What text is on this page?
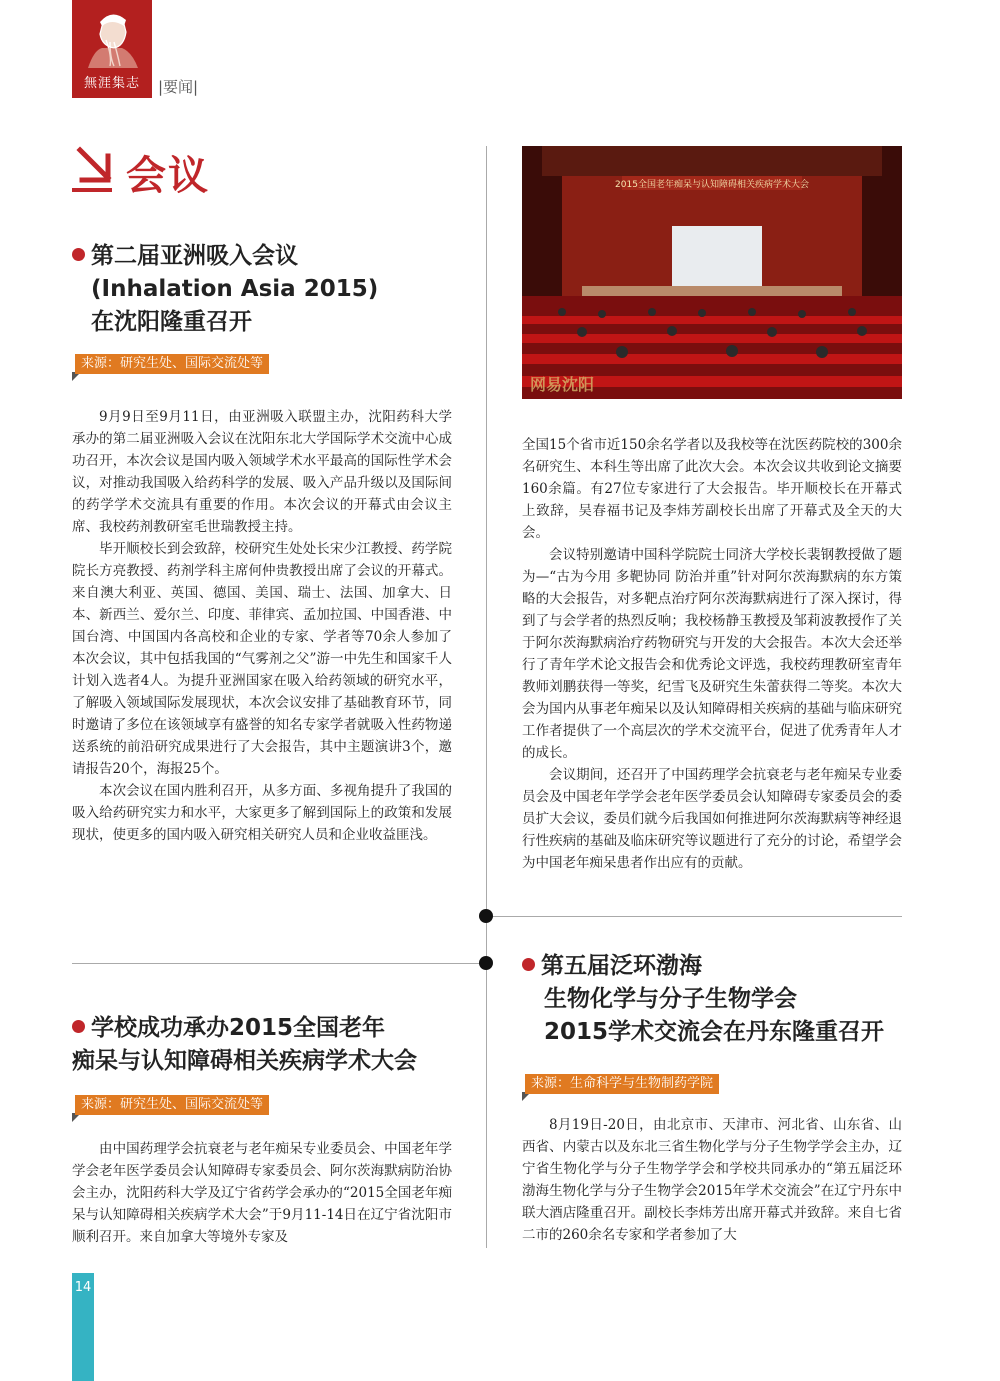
無涯集志	|要闻|
会议
第二届亚洲吸入会议
(Inhalation Asia 2015)
在沈阳隆重召开
来源：研究生处、国际交流处等

9月9日至9月11日，由亚洲吸入联盟主办，沈阳药科大学承办的第二届亚洲吸入会议在沈阳东北大学国际学术交流中心成功召开，本次会议是国内吸入领域学术水平最高的国际性学术会议，对推动我国吸入给药科学的发展、吸入产品升级以及国际间的药学学术交流具有重要的作用。本次会议的开幕式由会议主席、我校药剂教研室毛世瑞教授主持。

毕开顺校长到会致辞，校研究生处处长宋少江教授、药学院院长方亮教授、药剂学科主席何仲贵教授出席了会议的开幕式。来自澳大利亚、英国、德国、美国、瑞士、法国、加拿大、日本、新西兰、爱尔兰、印度、菲律宾、孟加拉国、中国香港、中国台湾、中国国内各高校和企业的专家、学者等70余人参加了本次会议，其中包括我国的“气雾剂之父”游一中先生和国家千人计划入选者4人。为提升亚洲国家在吸入给药领域的研究水平，了解吸入领域国际发展现状，本次会议安排了基础教育环节，同时邀请了多位在该领域享有盛誉的知名专家学者就吸入性药物递送系统的前沿研究成果进行了大会报告，其中主题演讲3个，邀请报告20个，海报25个。

本次会议在国内胜利召开，从多方面、多视角提升了我国的吸入给药研究实力和水平，大家更多了解到国际上的政策和发展现状，使更多的国内吸入研究相关研究人员和企业收益匪浅。

2015全国老年痴呆与认知障碍相关疾病学术大会
网易沈阳

全国15个省市近150余名学者以及我校等在沈医药院校的300余名研究生、本科生等出席了此次大会。本次会议共收到论文摘要160余篇。有27位专家进行了大会报告。毕开顺校长在开幕式上致辞，吴春福书记及李炜芳副校长出席了开幕式及全天的大会。

会议特别邀请中国科学院院士同济大学校长裴钢教授做了题为—“古为今用 多靶协同 防治并重”针对阿尔茨海默病的东方策略的大会报告，对多靶点治疗阿尔茨海默病进行了深入探讨，得到了与会学者的热烈反响；我校杨静玉教授及邹莉波教授作了关于阿尔茨海默病治疗药物研究与开发的大会报告。本次大会还举行了青年学术论文报告会和优秀论文评选，我校药理教研室青年教师刘鹏获得一等奖，纪雪飞及研究生朱蕾获得二等奖。本次大会为国内从事老年痴呆以及认知障碍相关疾病的基础与临床研究工作者提供了一个高层次的学术交流平台，促进了优秀青年人才的成长。

会议期间，还召开了中国药理学会抗衰老与老年痴呆专业委员会及中国老年学学会老年医学委员会认知障碍专家委员会的委员扩大会议，委员们就今后我国如何推进阿尔茨海默病等神经退行性疾病的基础及临床研究等议题进行了充分的讨论，希望学会为中国老年痴呆患者作出应有的贡献。

第五届泛环渤海
生物化学与分子生物学会
2015学术交流会在丹东隆重召开
来源：生命科学与生物制药学院

8月19日-20日，由北京市、天津市、河北省、山东省、山西省、内蒙古以及东北三省生物化学与分子生物学学会主办，辽宁省生物化学与分子生物学学会和学校共同承办的“第五届泛环渤海生物化学与分子生物学会2015年学术交流会”在辽宁丹东中联大酒店隆重召开。副校长李炜芳出席开幕式并致辞。来自七省二市的260余名专家和学者参加了大

学校成功承办2015全国老年
痴呆与认知障碍相关疾病学术大会
来源：研究生处、国际交流处等

由中国药理学会抗衰老与老年痴呆专业委员会、中国老年学学会老年医学委员会认知障碍专家委员会、阿尔茨海默病防治协会主办，沈阳药科大学及辽宁省药学会承办的“2015全国老年痴呆与认知障碍相关疾病学术大会”于9月11-14日在辽宁省沈阳市顺利召开。来自加拿大等境外专家及

14
